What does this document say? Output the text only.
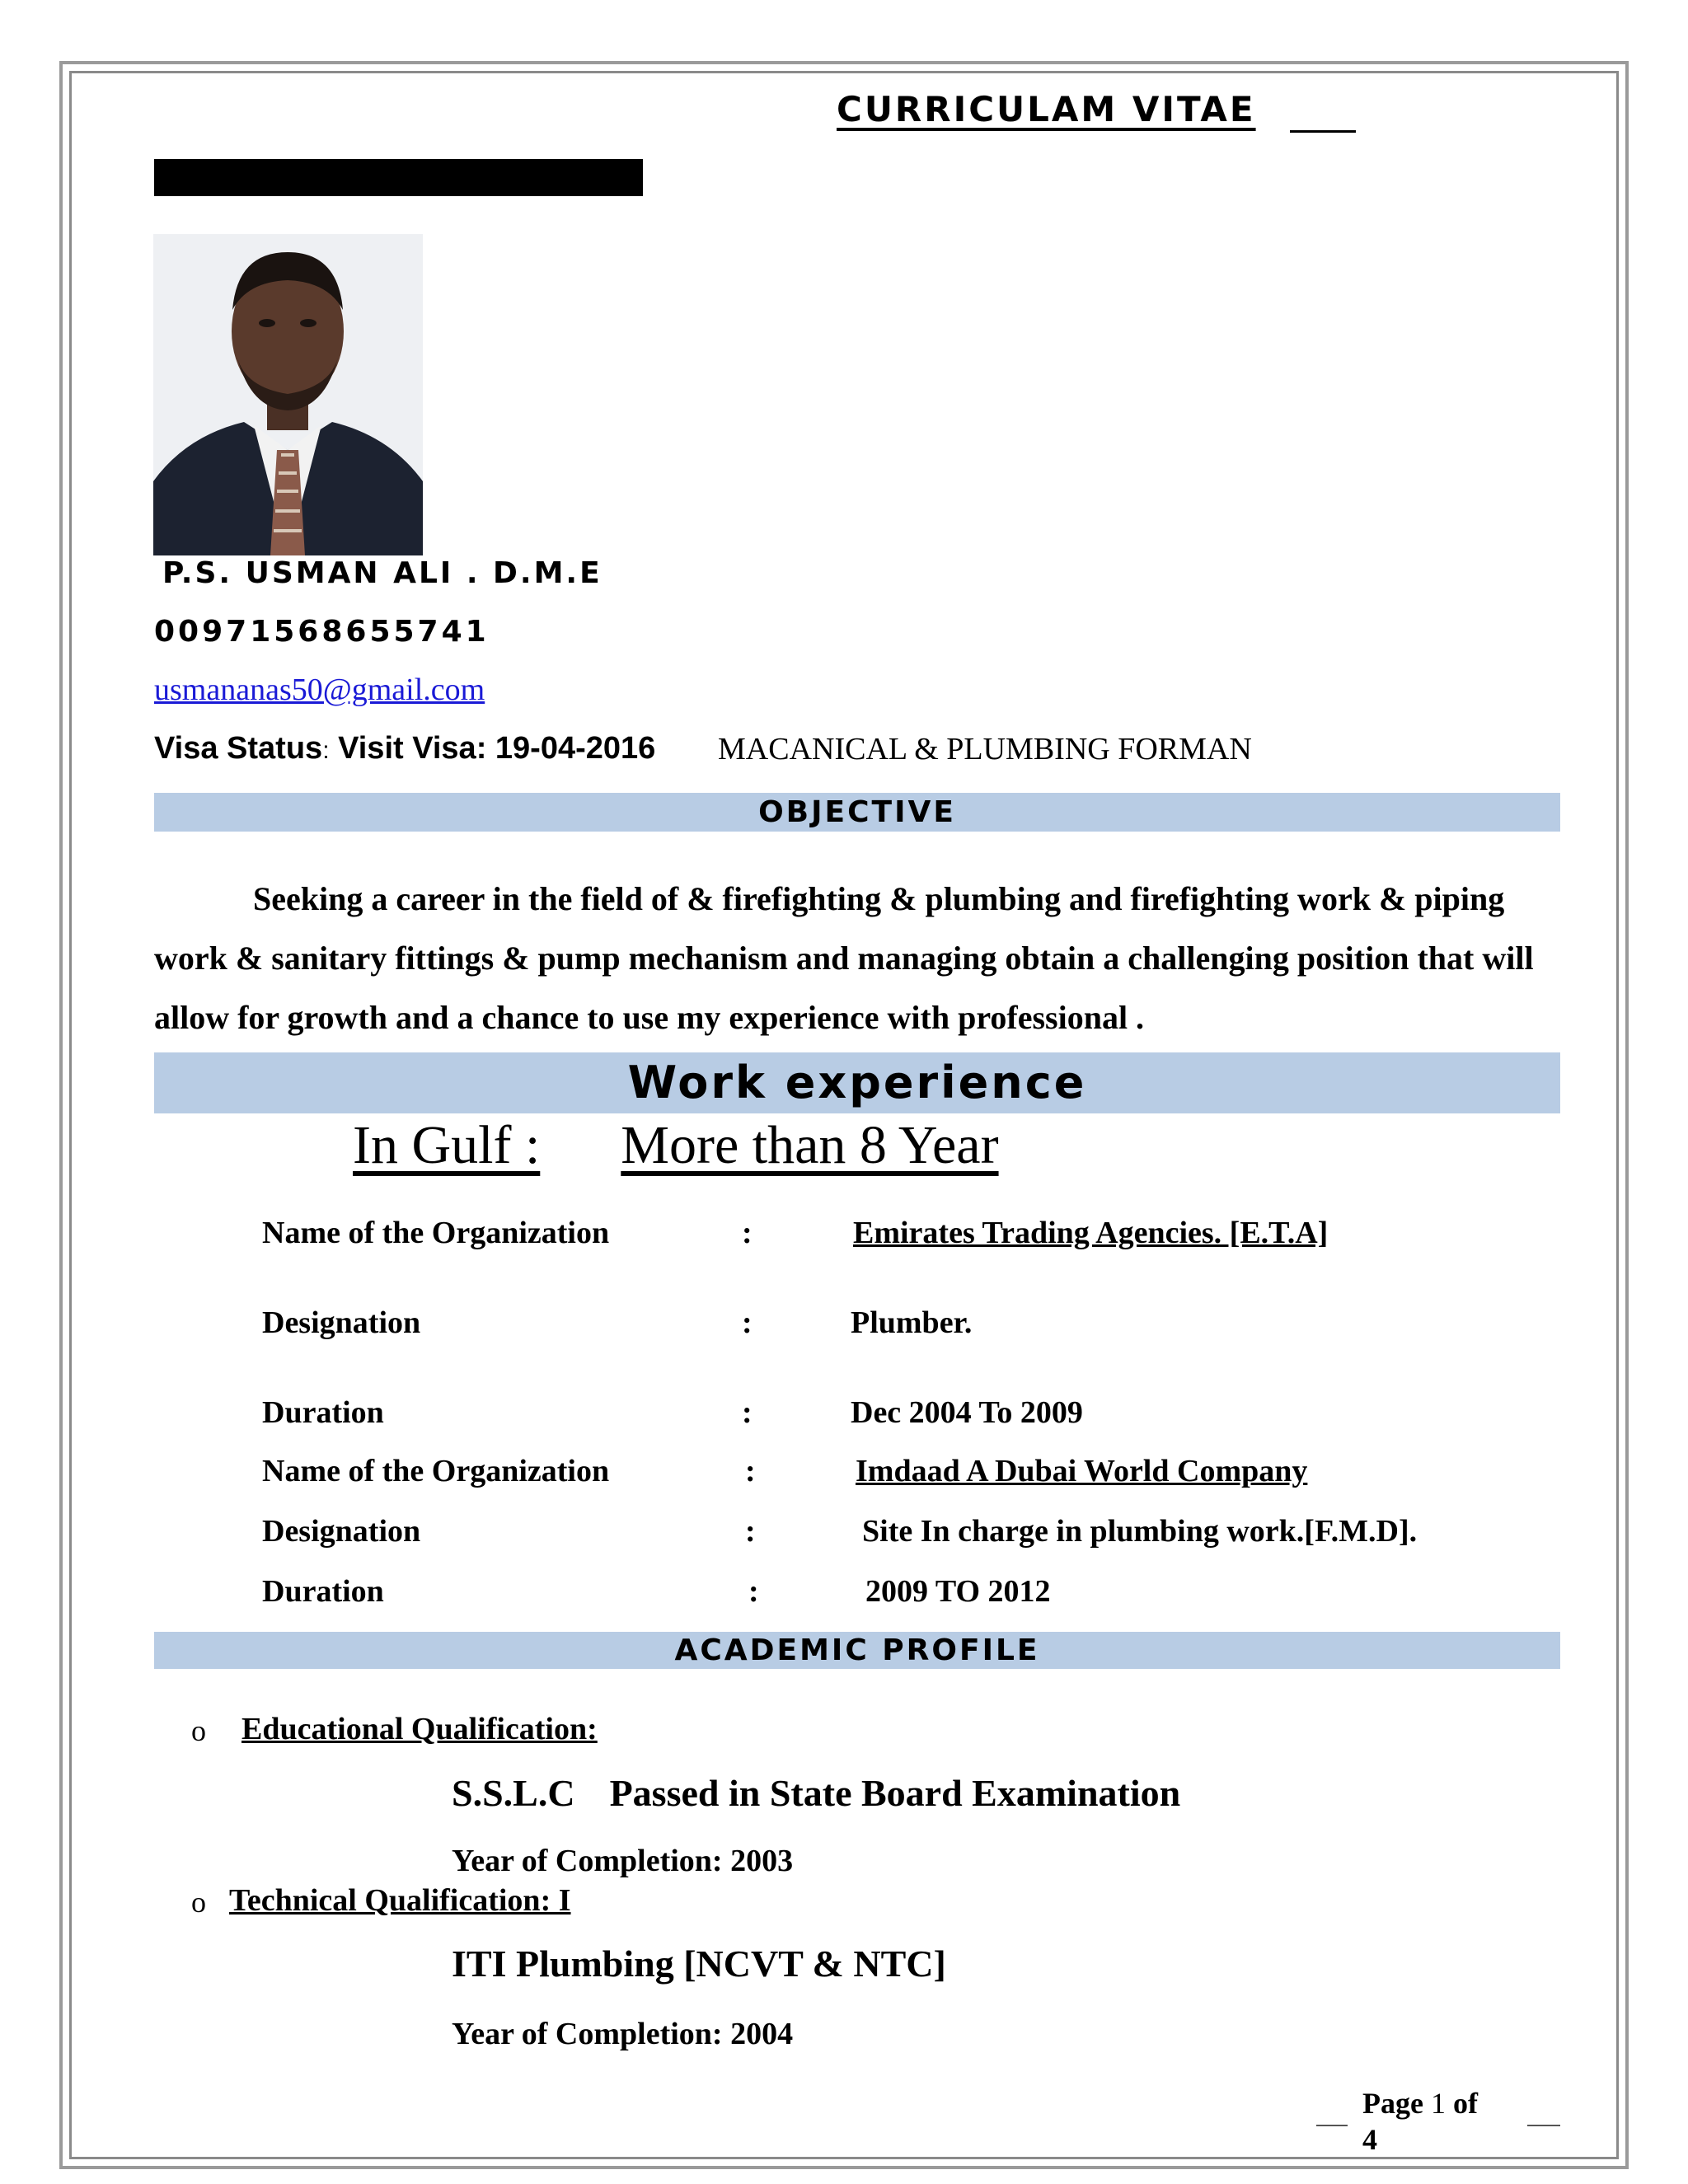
CURRICULAM VITAE
P.S. USMAN ALI . D.M.E
00971568655741
usmananas50@gmail.com
Visa Status: Visit Visa: 19-04-2016 MACANICAL & PLUMBING FORMAN
OBJECTIVE

Seeking a career in the field of & firefighting & plumbing and firefighting work & piping work & sanitary fittings & pump mechanism and managing obtain a challenging position that will allow for growth and a chance to use my experience with professional .

Work experience
In Gulf : More than 8 Year
Name of the Organization	:	Emirates Trading Agencies. [E.T.A]
Designation	:	Plumber.
Duration	:	Dec 2004 To 2009
Name of the Organization	:	Imdaad A Dubai World Company
Designation	:	Site In charge in plumbing work.[F.M.D].
Duration	:	2009 TO 2012
ACADEMIC PROFILE
o Educational Qualification:
S.S.L.C Passed in State Board Examination
Year of Completion: 2003
o Technical Qualification: I
ITI Plumbing [NCVT & NTC]
Year of Completion: 2004
Page 1 of
4
